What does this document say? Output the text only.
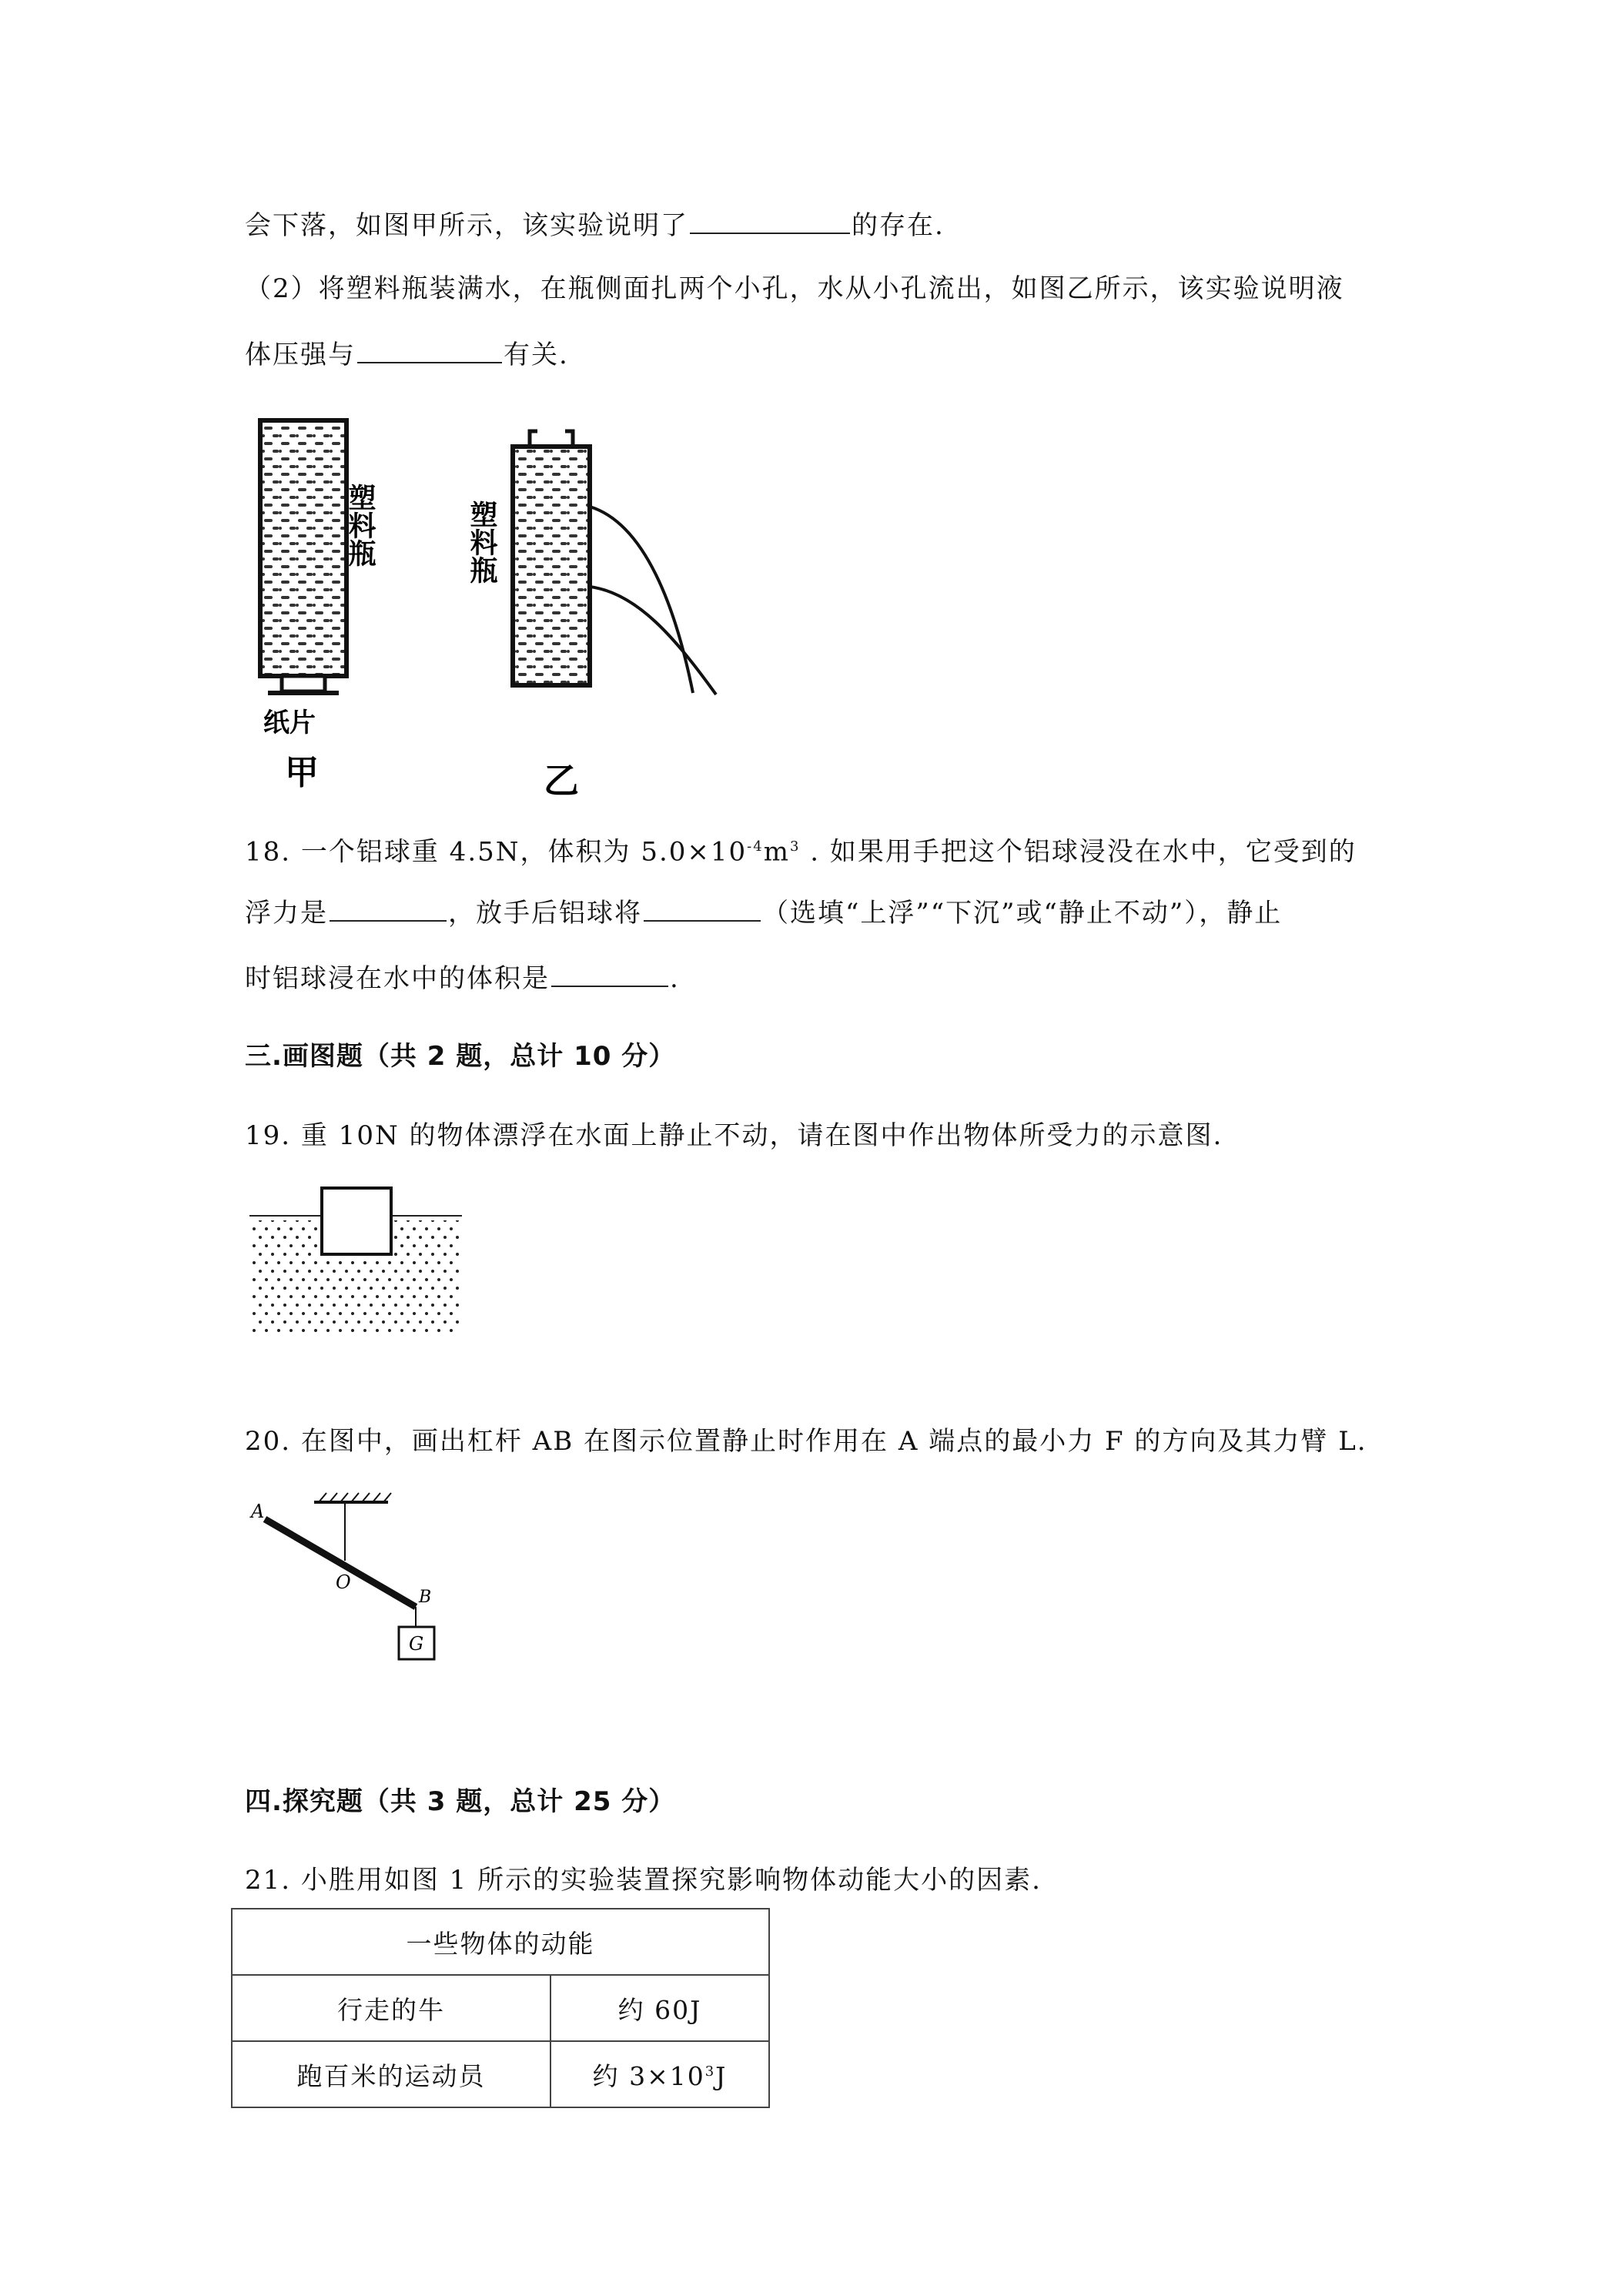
会下落，如图甲所示，该实验说明了	的存在.
（2）将塑料瓶装满水，在瓶侧面扎两个小孔，水从小孔流出，如图乙所示，该实验说明液
体压强与	有关.
塑料瓶
纸片
甲
塑料瓶
乙
18. 一个铝球重 4.5N，体积为 $5.0\times 10^{-4}m^3$ . 如果用手把这个铝球浸没在水中，它受到的
浮力是	，放手后铝球将	（选填“上浮”“下沉”或“静止不动”），静止
时铝球浸在水中的体积是	.
三.画图题（共 2 题，总计 10 分）
19. 重 10N 的物体漂浮在水面上静止不动，请在图中作出物体所受力的示意图.
20. 在图中，画出杠杆 AB 在图示位置静止时作用在 A 端点的最小力 F 的方向及其力臂 L.
A
O
B
G
四.探究题（共 3 题，总计 25 分）
21. 小胜用如图 1 所示的实验装置探究影响物体动能大小的因素.
一些物体的动能	
行走的牛	约 60J
跑百米的运动员	约 $3\times 10^3J$
